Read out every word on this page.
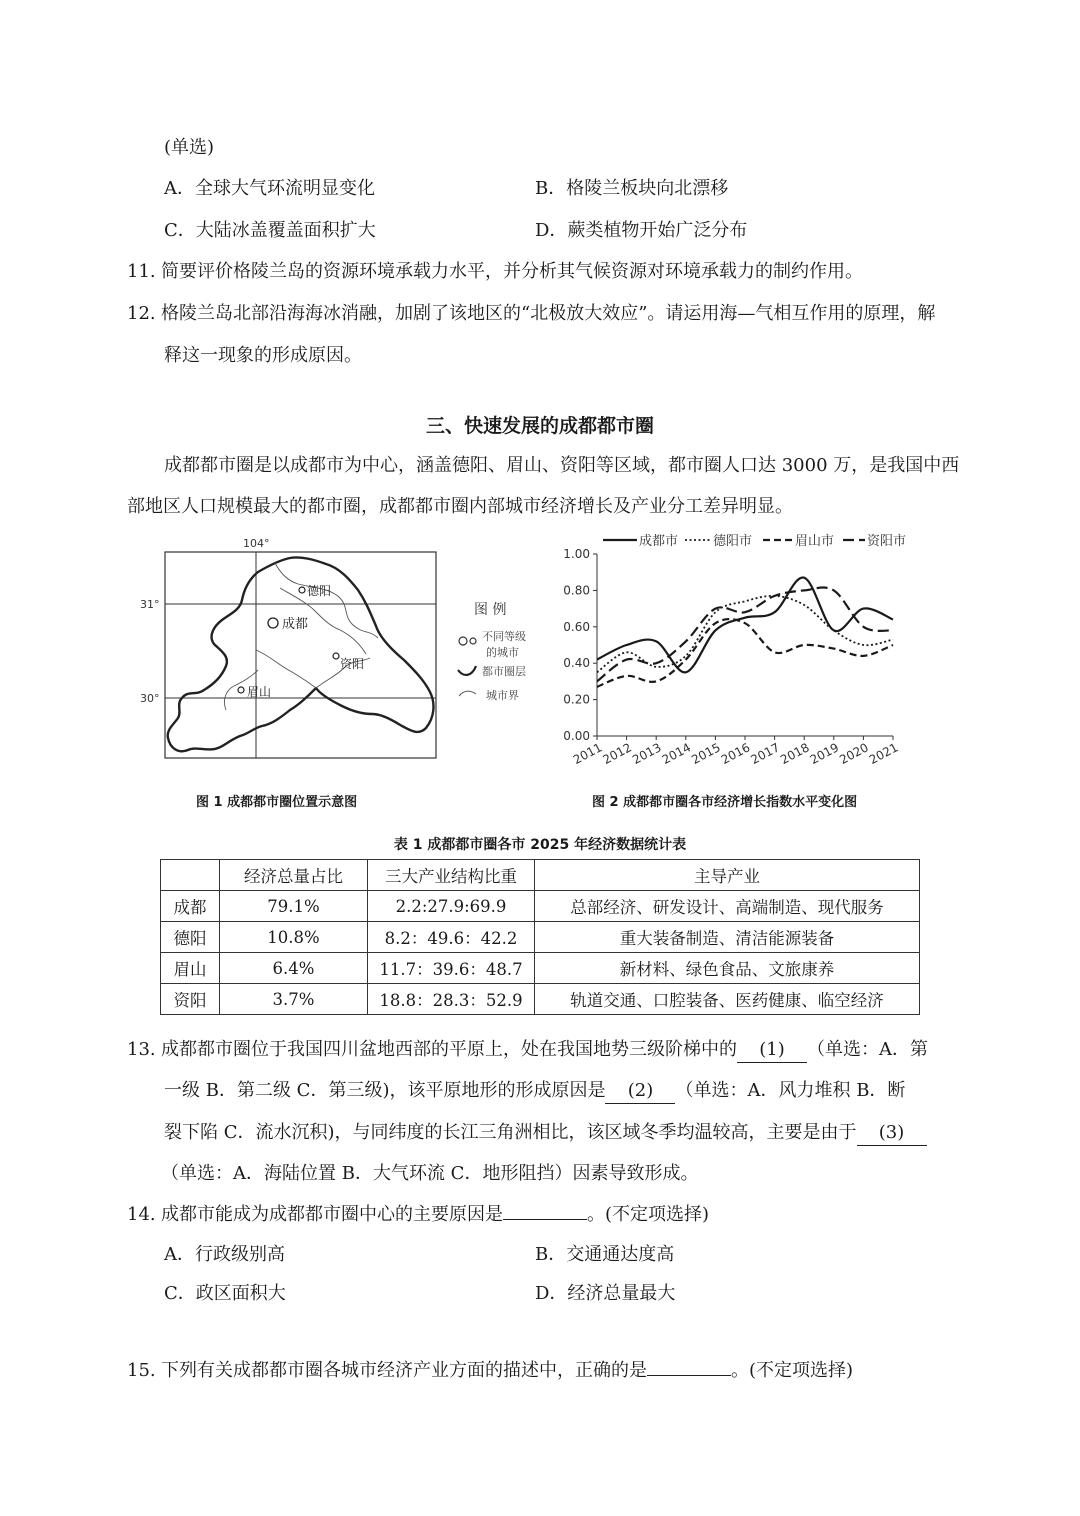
(单选)
A．全球大气环流明显变化	B．格陵兰板块向北漂移
C．大陆冰盖覆盖面积扩大	D．蕨类植物开始广泛分布
11. 简要评价格陵兰岛的资源环境承载力水平，并分析其气候资源对环境承载力的制约作用。
12. 格陵兰岛北部沿海海冰消融，加剧了该地区的“北极放大效应”。请运用海—气相互作用的原理，解
释这一现象的形成原因。
三、快速发展的成都都市圈
成都都市圈是以成都市为中心，涵盖德阳、眉山、资阳等区域，都市圈人口达 3000 万，是我国中西
部地区人口规模最大的都市圈，成都都市圈内部城市经济增长及产业分工差异明显。
104°
31°
30°
德阳
成都
资阳
眉山
图 例
不同等级
的城市
都市圈层
城市界
图 1 成都都市圈位置示意图
成都市	德阳市	眉山市	资阳市
0.00
0.20
0.40
0.60
0.80
1.00
2011
2012
2013
2014
2015
2016
2017
2018
2019
2020
2021
图 2 成都都市圈各市经济增长指数水平变化图
表 1 成都都市圈各市 2025 年经济数据统计表			
	经济总量占比	三大产业结构比重	主导产业
成都	79.1%	2.2:27.9:69.9	总部经济、研发设计、高端制造、现代服务
德阳	10.8%	8.2：49.6：42.2	重大装备制造、清洁能源装备
眉山	6.4%	11.7：39.6：48.7	新材料、绿色食品、文旅康养
资阳	3.7%	18.8：28.3：52.9	轨道交通、口腔装备、医药健康、临空经济
13. 成都都市圈位于我国四川盆地西部的平原上，处在我国地势三级阶梯中的 (1) （单选：A．第
一级 B．第二级 C．第三级)，该平原地形的形成原因是 (2) （单选：A．风力堆积 B．断
裂下陷 C．流水沉积)，与同纬度的长江三角洲相比，该区域冬季均温较高，主要是由于 (3)
（单选：A．海陆位置 B．大气环流 C．地形阻挡）因素导致形成。
14. 成都市能成为成都都市圈中心的主要原因是	。(不定项选择)
A．行政级别高	B．交通通达度高
C．政区面积大	D．经济总量最大
15. 下列有关成都都市圈各城市经济产业方面的描述中，正确的是	。(不定项选择)
